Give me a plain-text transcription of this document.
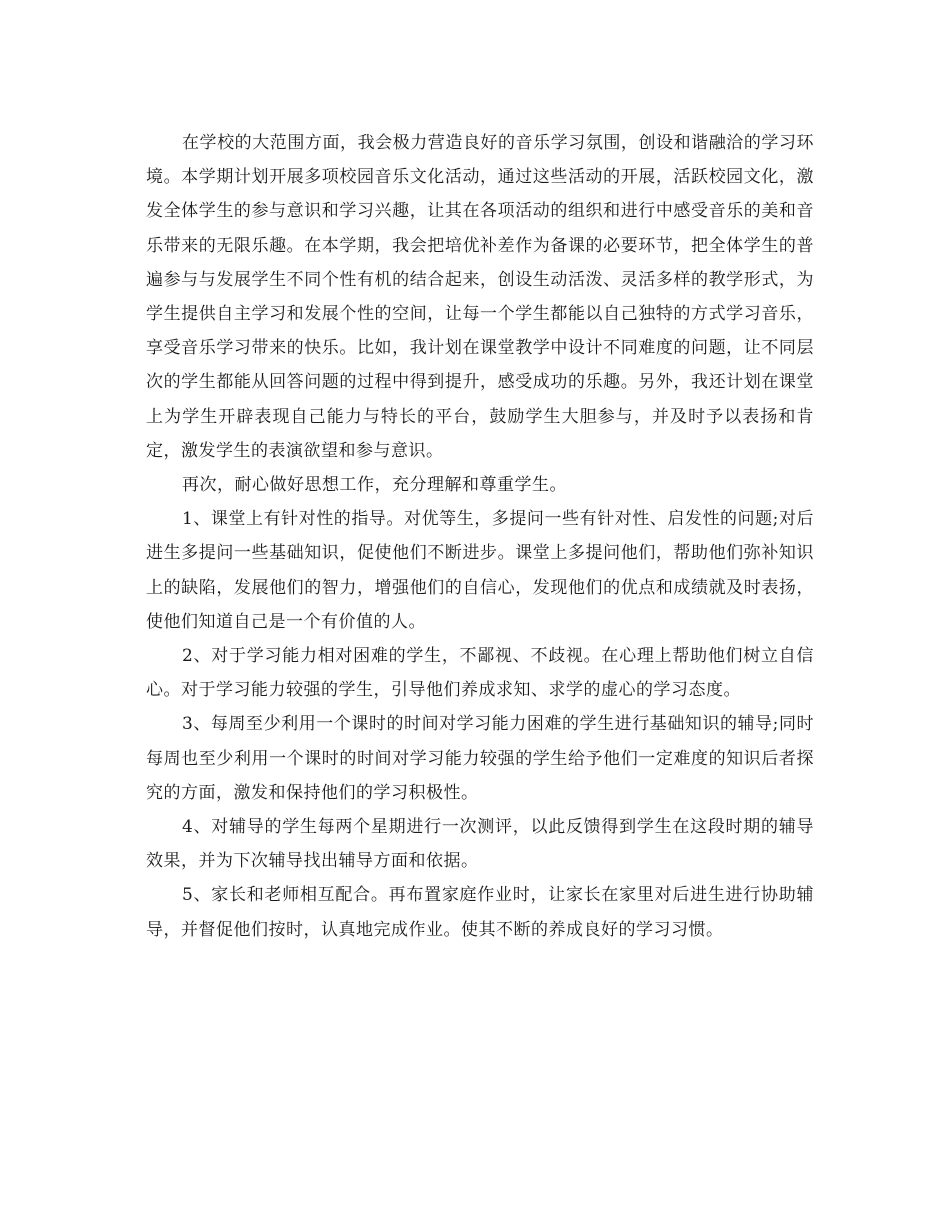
在学校的大范围方面，我会极力营造良好的音乐学习氛围，创设和谐融洽的学习环境。本学期计划开展多项校园音乐文化活动，通过这些活动的开展，活跃校园文化，激发全体学生的参与意识和学习兴趣，让其在各项活动的组织和进行中感受音乐的美和音乐带来的无限乐趣。在本学期，我会把培优补差作为备课的必要环节，把全体学生的普遍参与与发展学生不同个性有机的结合起来，创设生动活泼、灵活多样的教学形式，为学生提供自主学习和发展个性的空间，让每一个学生都能以自己独特的方式学习音乐，享受音乐学习带来的快乐。比如，我计划在课堂教学中设计不同难度的问题，让不同层次的学生都能从回答问题的过程中得到提升，感受成功的乐趣。另外，我还计划在课堂上为学生开辟表现自己能力与特长的平台，鼓励学生大胆参与，并及时予以表扬和肯定，激发学生的表演欲望和参与意识。

再次，耐心做好思想工作，充分理解和尊重学生。

1、课堂上有针对性的指导。对优等生，多提问一些有针对性、启发性的问题;对后进生多提问一些基础知识，促使他们不断进步。课堂上多提问他们，帮助他们弥补知识上的缺陷，发展他们的智力，增强他们的自信心，发现他们的优点和成绩就及时表扬，使他们知道自己是一个有价值的人。

2、对于学习能力相对困难的学生，不鄙视、不歧视。在心理上帮助他们树立自信心。对于学习能力较强的学生，引导他们养成求知、求学的虚心的学习态度。

3、每周至少利用一个课时的时间对学习能力困难的学生进行基础知识的辅导;同时每周也至少利用一个课时的时间对学习能力较强的学生给予他们一定难度的知识后者探究的方面，激发和保持他们的学习积极性。

4、对辅导的学生每两个星期进行一次测评，以此反馈得到学生在这段时期的辅导效果，并为下次辅导找出辅导方面和依据。

5、家长和老师相互配合。再布置家庭作业时，让家长在家里对后进生进行协助辅导，并督促他们按时，认真地完成作业。使其不断的养成良好的学习习惯。
